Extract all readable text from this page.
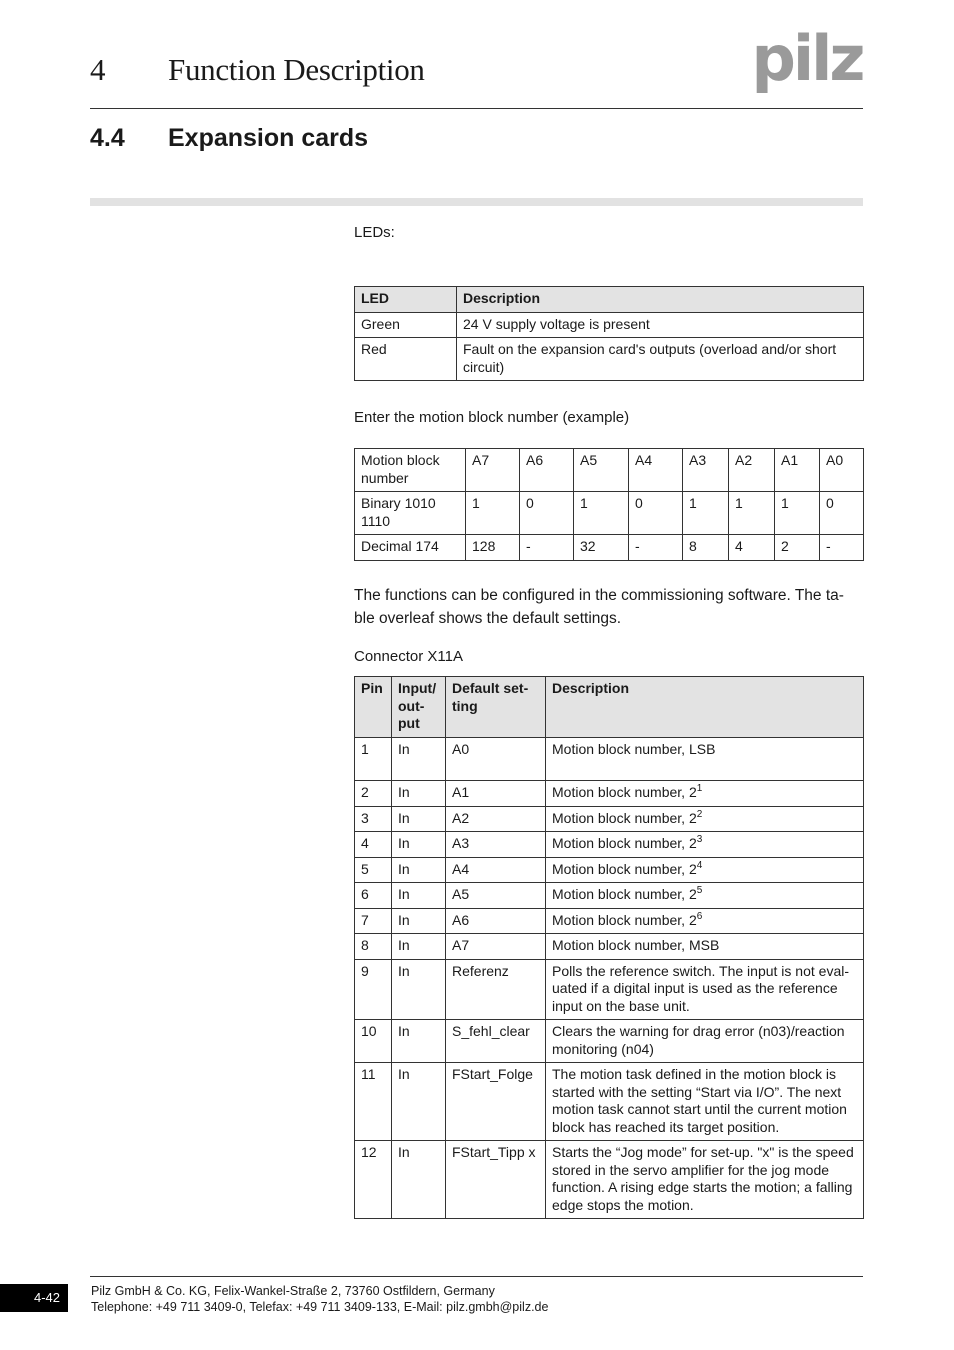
4 Function Description	pilz
4.4 Expansion cards
LEDs:
LED	Description
Green	24 V supply voltage is present
Red	Fault on the expansion card's outputs (overload and/or short circuit)
Enter the motion block number (example)
Motion block number	A7	A6	A5	A4	A3	A2	A1	A0
Binary 1010 1110	1	0	1	0	1	1	1	0
Decimal 174	128	-	32	-	8	4	2	-
The functions can be configured in the commissioning software. The ta-
ble overleaf shows the default settings.
Connector X11A
Pin	Input/ out- put	Default set- ting	Description
1	In	A0	Motion block number, LSB
2	In	A1	Motion block number, $2^1$
3	In	A2	Motion block number, $2^2$
4	In	A3	Motion block number, $2^3$
5	In	A4	Motion block number, $2^4$
6	In	A5	Motion block number, $2^5$
7	In	A6	Motion block number, $2^6$
8	In	A7	Motion block number, MSB
9	In	Referenz	Polls the reference switch. The input is not eval-uated if a digital input is used as the reference input on the base unit.
10	In	S_fehl_clear	Clears the warning for drag error (n03)/reaction monitoring (n04)
11	In	FStart_Folge	The motion task defined in the motion block is started with the setting “Start via I/O”. The next motion task cannot start until the current motion block has reached its target position.
12	In	FStart_Tipp x	Starts the “Jog mode” for set-up. "x" is the speed stored in the servo amplifier for the jog mode function. A rising edge starts the motion; a falling edge stops the motion.
4-42	Pilz GmbH & Co. KG, Felix-Wankel-Straße 2, 73760 Ostfildern, Germany
Telephone: +49 711 3409-0, Telefax: +49 711 3409-133, E-Mail: pilz.gmbh@pilz.de
